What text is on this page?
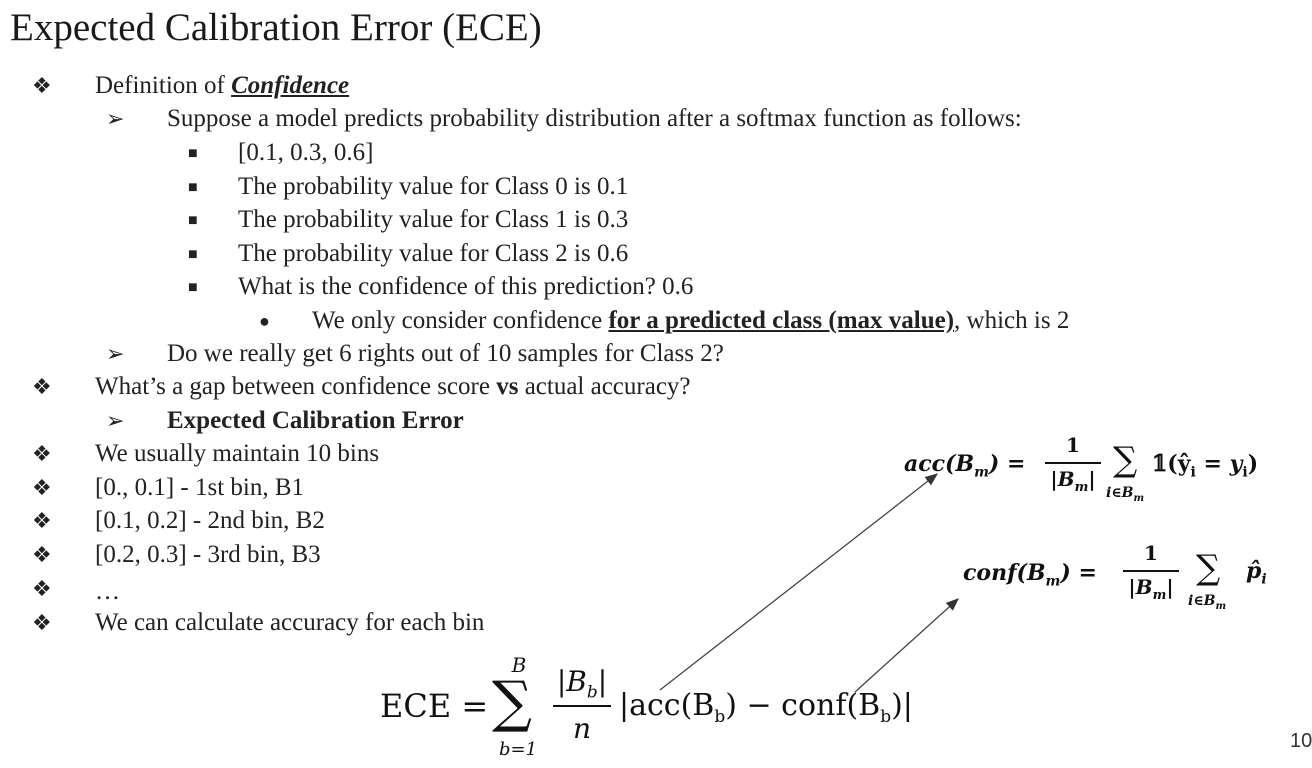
Expected Calibration Error (ECE)
❖ Definition of Confidence
➢ Suppose a model predicts probability distribution after a softmax function as follows:
■ [0.1, 0.3, 0.6]
■ The probability value for Class 0 is 0.1
■ The probability value for Class 1 is 0.3
■ The probability value for Class 2 is 0.6
■ What is the confidence of this prediction? 0.6
● We only consider confidence for a predicted class (max value), which is 2
➢ Do we really get 6 rights out of 10 samples for Class 2?
❖ What’s a gap between confidence score vs actual accuracy?
➢ Expected Calibration Error
❖ We usually maintain 10 bins
❖ [0., 0.1] - 1st bin, B1
❖ [0.1, 0.2] - 2nd bin, B2
❖ [0.2, 0.3] - 3rd bin, B3
❖ …
❖ We can calculate accuracy for each bin
$acc(B_m)$ =
1
$|B_m|$ ∑
$i\in B_m$
$𝟙(ŷ_i = y_i)$
$conf(B_m)$ =
1
$|B_m|$ ∑
$i\in B_m$
$p̂_i$
ECE =
B
∑
b=1
$|B_b|$
n
$|acc(B_b)$ − $conf(B_b)|$
10
